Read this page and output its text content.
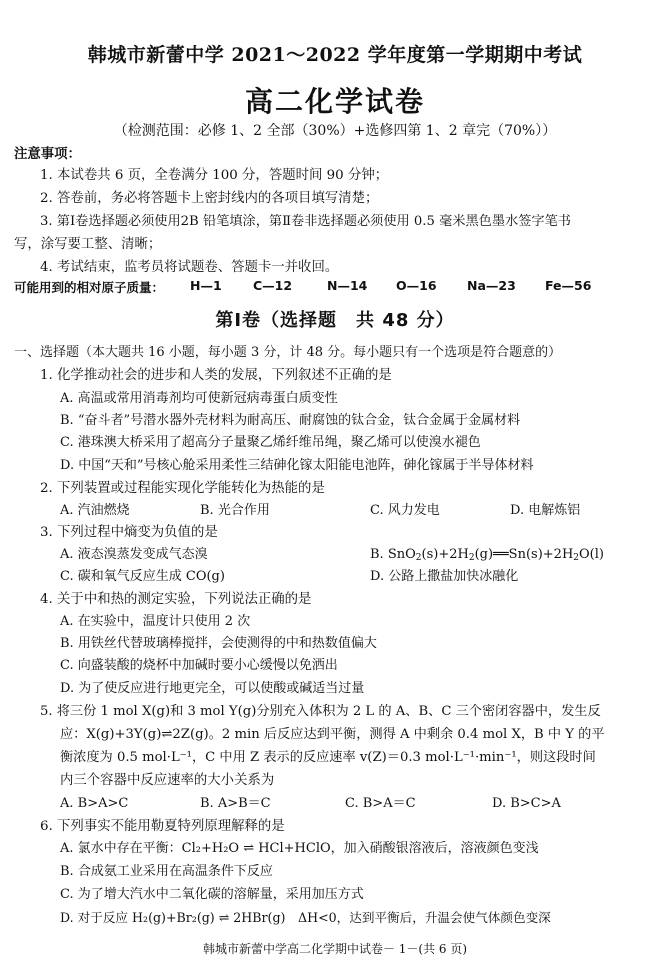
韩城市新蕾中学 2021～2022 学年度第一学期期中考试
高二化学试卷
（检测范围：必修 1、2 全部（30%）+选修四第 1、2 章完（70%））
注意事项：
1. 本试卷共 6 页，全卷满分 100 分，答题时间 90 分钟；
2. 答卷前，务必将答题卡上密封线内的各项目填写清楚；
3. 第Ⅰ卷选择题必须使用2B 铅笔填涂，第Ⅱ卷非选择题必须使用 0.5 毫米黑色墨水签字笔书
写，涂写要工整、清晰；
4. 考试结束，监考员将试题卷、答题卡一并收回。
可能用到的相对原子质量： H—1	C—12	N—14 O—16 Na—23 Fe—56
第Ⅰ卷（选择题　共 48 分）
一、选择题（本大题共 16 小题，每小题 3 分，计 48 分。每小题只有一个选项是符合题意的）
1. 化学推动社会的进步和人类的发展，下列叙述不正确的是
A. 高温或常用消毒剂均可使新冠病毒蛋白质变性
B. “奋斗者”号潜水器外壳材料为耐高压、耐腐蚀的钛合金，钛合金属于金属材料
C. 港珠澳大桥采用了超高分子量聚乙烯纤维吊绳，聚乙烯可以使溴水褪色
D. 中国“天和”号核心舱采用柔性三结砷化镓太阳能电池阵，砷化镓属于半导体材料
2. 下列装置或过程能实现化学能转化为热能的是
A. 汽油燃烧	B. 光合作用	C. 风力发电	D. 电解炼铝
3. 下列过程中熵变为负值的是
A. 液态溴蒸发变成气态溴	B. $SnO_2(s)+2H_2(g)══Sn(s)+2H_2O(l)$
C. 碳和氧气反应生成 CO(g)	D. 公路上撒盐加快冰融化
4. 关于中和热的测定实验，下列说法正确的是
A. 在实验中，温度计只使用 2 次
B. 用铁丝代替玻璃棒搅拌，会使测得的中和热数值偏大
C. 向盛装酸的烧杯中加碱时要小心缓慢以免洒出
D. 为了使反应进行地更完全，可以使酸或碱适当过量
5. 将三份 1 mol X(g)和 3 mol Y(g)分别充入体积为 2 L 的 A、B、C 三个密闭容器中，发生反
应：X(g)+3Y(g)⇌2Z(g)。2 min 后反应达到平衡，测得 A 中剩余 0.4 mol X，B 中 Y 的平
衡浓度为 0.5 mol·L⁻¹，C 中用 Z 表示的反应速率 v(Z)＝0.3 mol·L⁻¹·min⁻¹，则这段时间
内三个容器中反应速率的大小关系为
A. B>A>C	B. A>B＝C	C. B>A＝C	D. B>C>A
6. 下列事实不能用勒夏特列原理解释的是
A. 氯水中存在平衡：Cl₂+H₂O ⇌ HCl+HClO，加入硝酸银溶液后，溶液颜色变浅
B. 合成氨工业采用在高温条件下反应
C. 为了增大汽水中二氧化碳的溶解量，采用加压方式
D. 对于反应 H₂(g)+Br₂(g) ⇌ 2HBr(g)　ΔH<0，达到平衡后，升温会使气体颜色变深
韩城市新蕾中学高二化学期中试卷－ 1－(共 6 页)
